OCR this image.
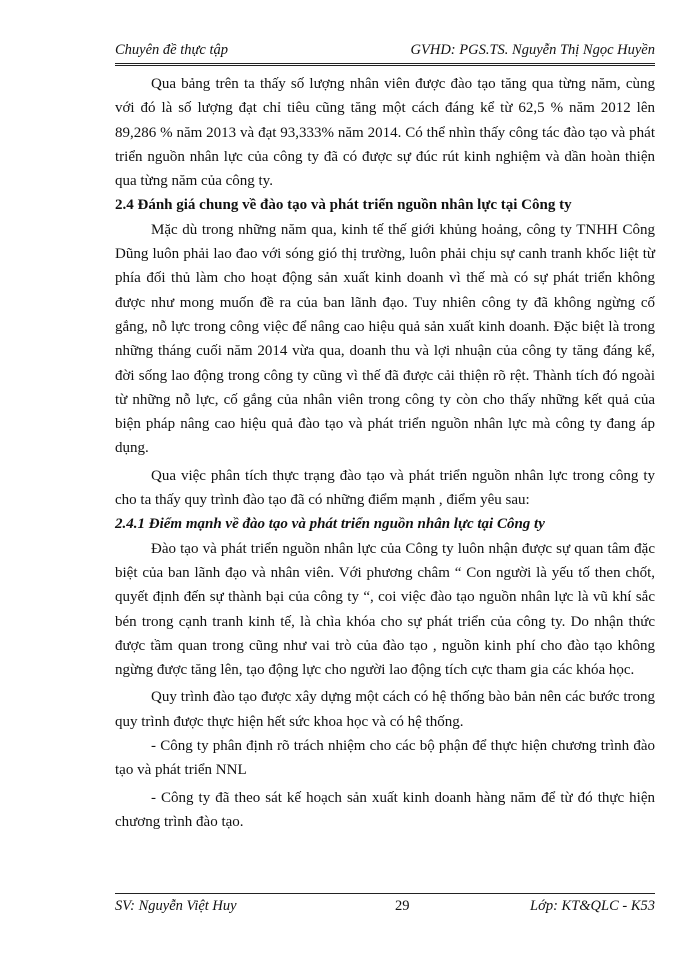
Chuyên đề thực tập	GVHD: PGS.TS. Nguyễn Thị Ngọc Huyền

Qua bảng trên ta thấy số lượng nhân viên được đào tạo tăng qua từng năm, cùng với đó là số lượng đạt chỉ tiêu cũng tăng một cách đáng kể từ 62,5 % năm 2012 lên 89,286 % năm 2013 và đạt 93,333% năm 2014. Có thể nhìn thấy công tác đào tạo và phát triển nguồn nhân lực của công ty đã có được sự đúc rút kinh nghiệm và dần hoàn thiện qua từng năm của công ty.

2.4 Đánh giá chung về đào tạo và phát triển nguồn nhân lực tại Công ty

Mặc dù trong những năm qua, kinh tế thế giới khủng hoảng, công ty TNHH Công Dũng luôn phải lao đao với sóng gió thị trường, luôn phải chịu sự canh tranh khốc liệt từ phía đối thủ làm cho hoạt động sản xuất kinh doanh vì thế mà có sự phát triển không được như mong muốn đề ra của ban lãnh đạo. Tuy nhiên công ty đã không ngừng cố gắng, nỗ lực trong công việc để nâng cao hiệu quả sản xuất kinh doanh. Đặc biệt là trong những tháng cuối năm 2014 vừa qua, doanh thu và lợi nhuận của công ty tăng đáng kể, đời sống lao động trong công ty cũng vì thế đã được cải thiện rõ rệt. Thành tích đó ngoài từ những nỗ lực, cố gắng của nhân viên trong công ty còn cho thấy những kết quả của biện pháp nâng cao hiệu quả đào tạo và phát triển nguồn nhân lực mà công ty đang áp dụng.

Qua việc phân tích thực trạng đào tạo và phát triển nguồn nhân lực trong công ty cho ta thấy quy trình đào tạo đã có những điểm mạnh , điểm yêu sau:

2.4.1 Điểm mạnh về đào tạo và phát triển nguồn nhân lực tại Công ty

Đào tạo và phát triển nguồn nhân lực của Công ty luôn nhận được sự quan tâm đặc biệt của ban lãnh đạo và nhân viên. Với phương châm “ Con người là yếu tố then chốt, quyết định đến sự thành bại của công ty “, coi việc đào tạo nguồn nhân lực là vũ khí sắc bén trong cạnh tranh kinh tế, là chìa khóa cho sự phát triển của công ty. Do nhận thức được tầm quan trong cũng như vai trò của đào tạo , nguồn kinh phí cho đào tạo không ngừng được tăng lên, tạo động lực cho người lao động tích cực tham gia các khóa học.

Quy trình đào tạo được xây dựng một cách có hệ thống bào bản nên các bước trong quy trình được thực hiện hết sức khoa học và có hệ thống.

- Công ty phân định rõ trách nhiệm cho các bộ phận để thực hiện chương trình đào tạo và phát triển NNL

- Công ty đã theo sát kế hoạch sản xuất kinh doanh hàng năm để từ đó thực hiện chương trình đào tạo.

SV: Nguyễn Việt Huy	29	Lớp: KT&QLC - K53
